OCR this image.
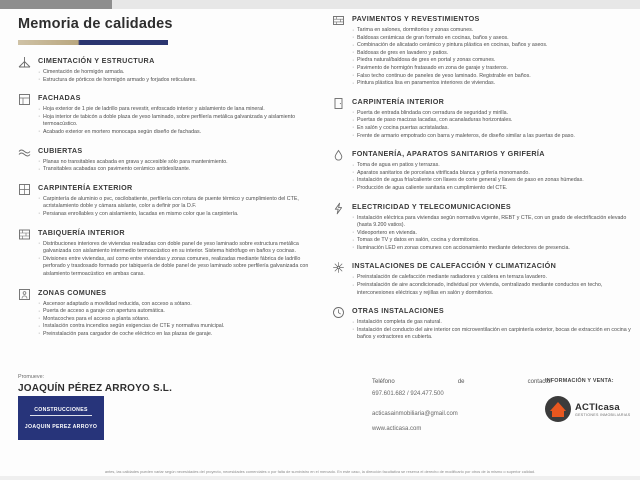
Memoria de calidades
CIMENTACIÓN Y ESTRUCTURA
· Cimentación de hormigón armada.
· Estructura de pórticos de hormigón armado y forjados reticulares.
FACHADAS
· Hoja exterior de 1 pie de ladrillo para revestir, enfoscado interior y aislamiento de lana mineral.
· Hoja interior de tabicón a doble plaza de yeso laminado, sobre perfilería metálica galvanizada y aislamiento termoacústico.
· Acabado exterior en mortero monocapa según diseño de fachadas.
CUBIERTAS
· Planas no transitables acabada en grava y accesible sólo para mantenimiento.
· Transitables acabadas con pavimento cerámico antideslizante.
CARPINTERÍA EXTERIOR
· Carpintería de aluminio o pvc, oscilobatiente, perfilería con rotura de puente térmico y cumplimiento del CTE, acristalamiento doble y cámara aislante, color a definir por la D.F.
· Persianas enrollables y con aislamiento, lacadas en mismo color que la carpintería.
TABIQUERÍA INTERIOR
· Distribuciones interiores de viviendas realizadas con doble panel de yeso laminado sobre estructura metálica galvanizada con aislamiento intermedio termoacústico en su interior. Sistema hidrófugo en baños y cocinas.
· Divisiones entre viviendas, así como entre viviendas y zonas comunes, realizadas mediante fábrica de ladrillo perforado y trasdosado formado por tabiquería de doble panel de yeso laminado sobre perfilería galvanizada con aislamiento termoacústico en ambas caras.
ZONAS COMUNES
· Ascensor adaptado a movilidad reducida, con acceso a sótano.
· Puerta de acceso a garaje con apertura automática.
· Montacoches para el acceso a planta sótano.
· Instalación contra incendios según exigencias de CTE y normativa municipal.
· Preinstalación para cargador de coche eléctrico en las plazas de garaje.
PAVIMENTOS Y REVESTIMIENTOS
· Tarima en salones, dormitorios y zonas comunes.
· Baldosas cerámicas de gran formato en cocinas, baños y aseos.
· Combinación de alicatado cerámico y pintura plástica en cocinas, baños y aseos.
· Baldosas de gres en lavadero y patios.
· Piedra natural/baldosa de gres en portal y zonas comunes.
· Pavimento de hormigón fratasado en zona de garaje y trasteros.
· Falso techo continuo de paneles de yeso laminado. Registrable en baños.
· Pintura plástica lisa en paramentos interiores de viviendas.
CARPINTERÍA INTERIOR
· Puerta de entrada blindada con cerradura de seguridad y mirilla.
· Puertas de paso macizas lacadas, con acanaladuras horizontales.
· En salón y cocina puertas acristaladas.
· Frente de armario empotrado con barra y maleteros, de diseño similar a las puertas de paso.
FONTANERÍA, APARATOS SANITARIOS Y GRIFERÍA
· Toma de agua en patios y terrazas.
· Aparatos sanitarios de porcelana vitrificada blanca y grifería monomando.
· Instalación de agua fría/caliente con llaves de corte general y llaves de paso en zonas húmedas.
· Producción de agua caliente sanitaria en cumplimiento del CTE.
ELECTRICIDAD Y TELECOMUNICACIONES
· Instalación eléctrica para viviendas según normativa vigente, REBT y CTE, con un grado de electrificación elevado (hasta 9.200 vatios).
· Videoportero en vivienda.
· Tomas de TV y datos en salón, cocina y dormitorios.
· Iluminación LED en zonas comunes con accionamiento mediante detectores de presencia.
INSTALACIONES DE CALEFACCIÓN Y CLIMATIZACIÓN
· Preinstalación de calefacción mediante radiadores y caldera en terraza lavadero.
· Preinstalación de aire acondicionado, individual por vivienda, centralizado mediante conductos en techo, interconexiones eléctricas y rejillas en salón y dormitorios.
OTRAS INSTALACIONES
· Instalación completa de gas natural.
· Instalación del conducto del aire interior con microventilación en carpintería exterior, bocas de extracción en cocina y baños y extractores en cubierta.
Promueve:
JOAQUÍN PÉREZ ARROYO S.L.
CONSTRUCCIONES
JOAQUIN PEREZ ARROYO
Teléfono	de	contacto:
697.601.682 / 924.477.500
acticasainmobiliaria@gmail.com
www.acticasa.com
INFORMACIÓN Y VENTA:
ACTIcasa
GESTIONES INMOBILIARIAS
antes, las calidades pueden variar según necesidades del proyecto, necesidades comerciales o por falta de suministro en el mercado. En este caso, la dirección facultativa se reserva el derecho de modificarlo por otros de la mismo o superior calidad.
